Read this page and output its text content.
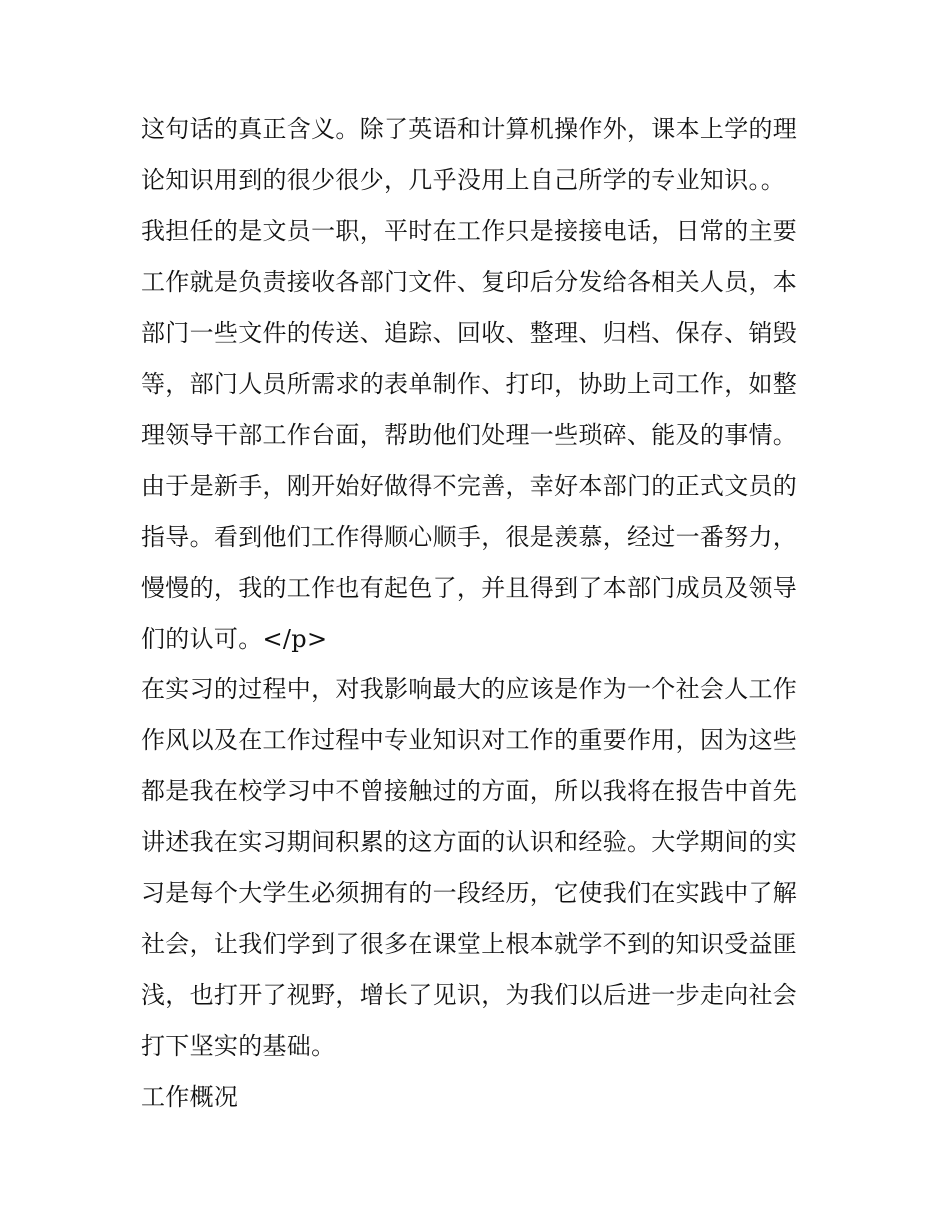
这句话的真正含义。除了英语和计算机操作外，课本上学的理
论知识用到的很少很少，几乎没用上自己所学的专业知识。。
我担任的是文员一职，平时在工作只是接接电话，日常的主要
工作就是负责接收各部门文件、复印后分发给各相关人员，本
部门一些文件的传送、追踪、回收、整理、归档、保存、销毁
等，部门人员所需求的表单制作、打印，协助上司工作，如整
理领导干部工作台面，帮助他们处理一些琐碎、能及的事情。
由于是新手，刚开始好做得不完善，幸好本部门的正式文员的
指导。看到他们工作得顺心顺手，很是羡慕，经过一番努力，
慢慢的，我的工作也有起色了，并且得到了本部门成员及领导
们的认可。</p>
在实习的过程中，对我影响最大的应该是作为一个社会人工作
作风以及在工作过程中专业知识对工作的重要作用，因为这些
都是我在校学习中不曾接触过的方面，所以我将在报告中首先
讲述我在实习期间积累的这方面的认识和经验。大学期间的实
习是每个大学生必须拥有的一段经历，它使我们在实践中了解
社会，让我们学到了很多在课堂上根本就学不到的知识受益匪
浅，也打开了视野，增长了见识，为我们以后进一步走向社会
打下坚实的基础。
工作概况
